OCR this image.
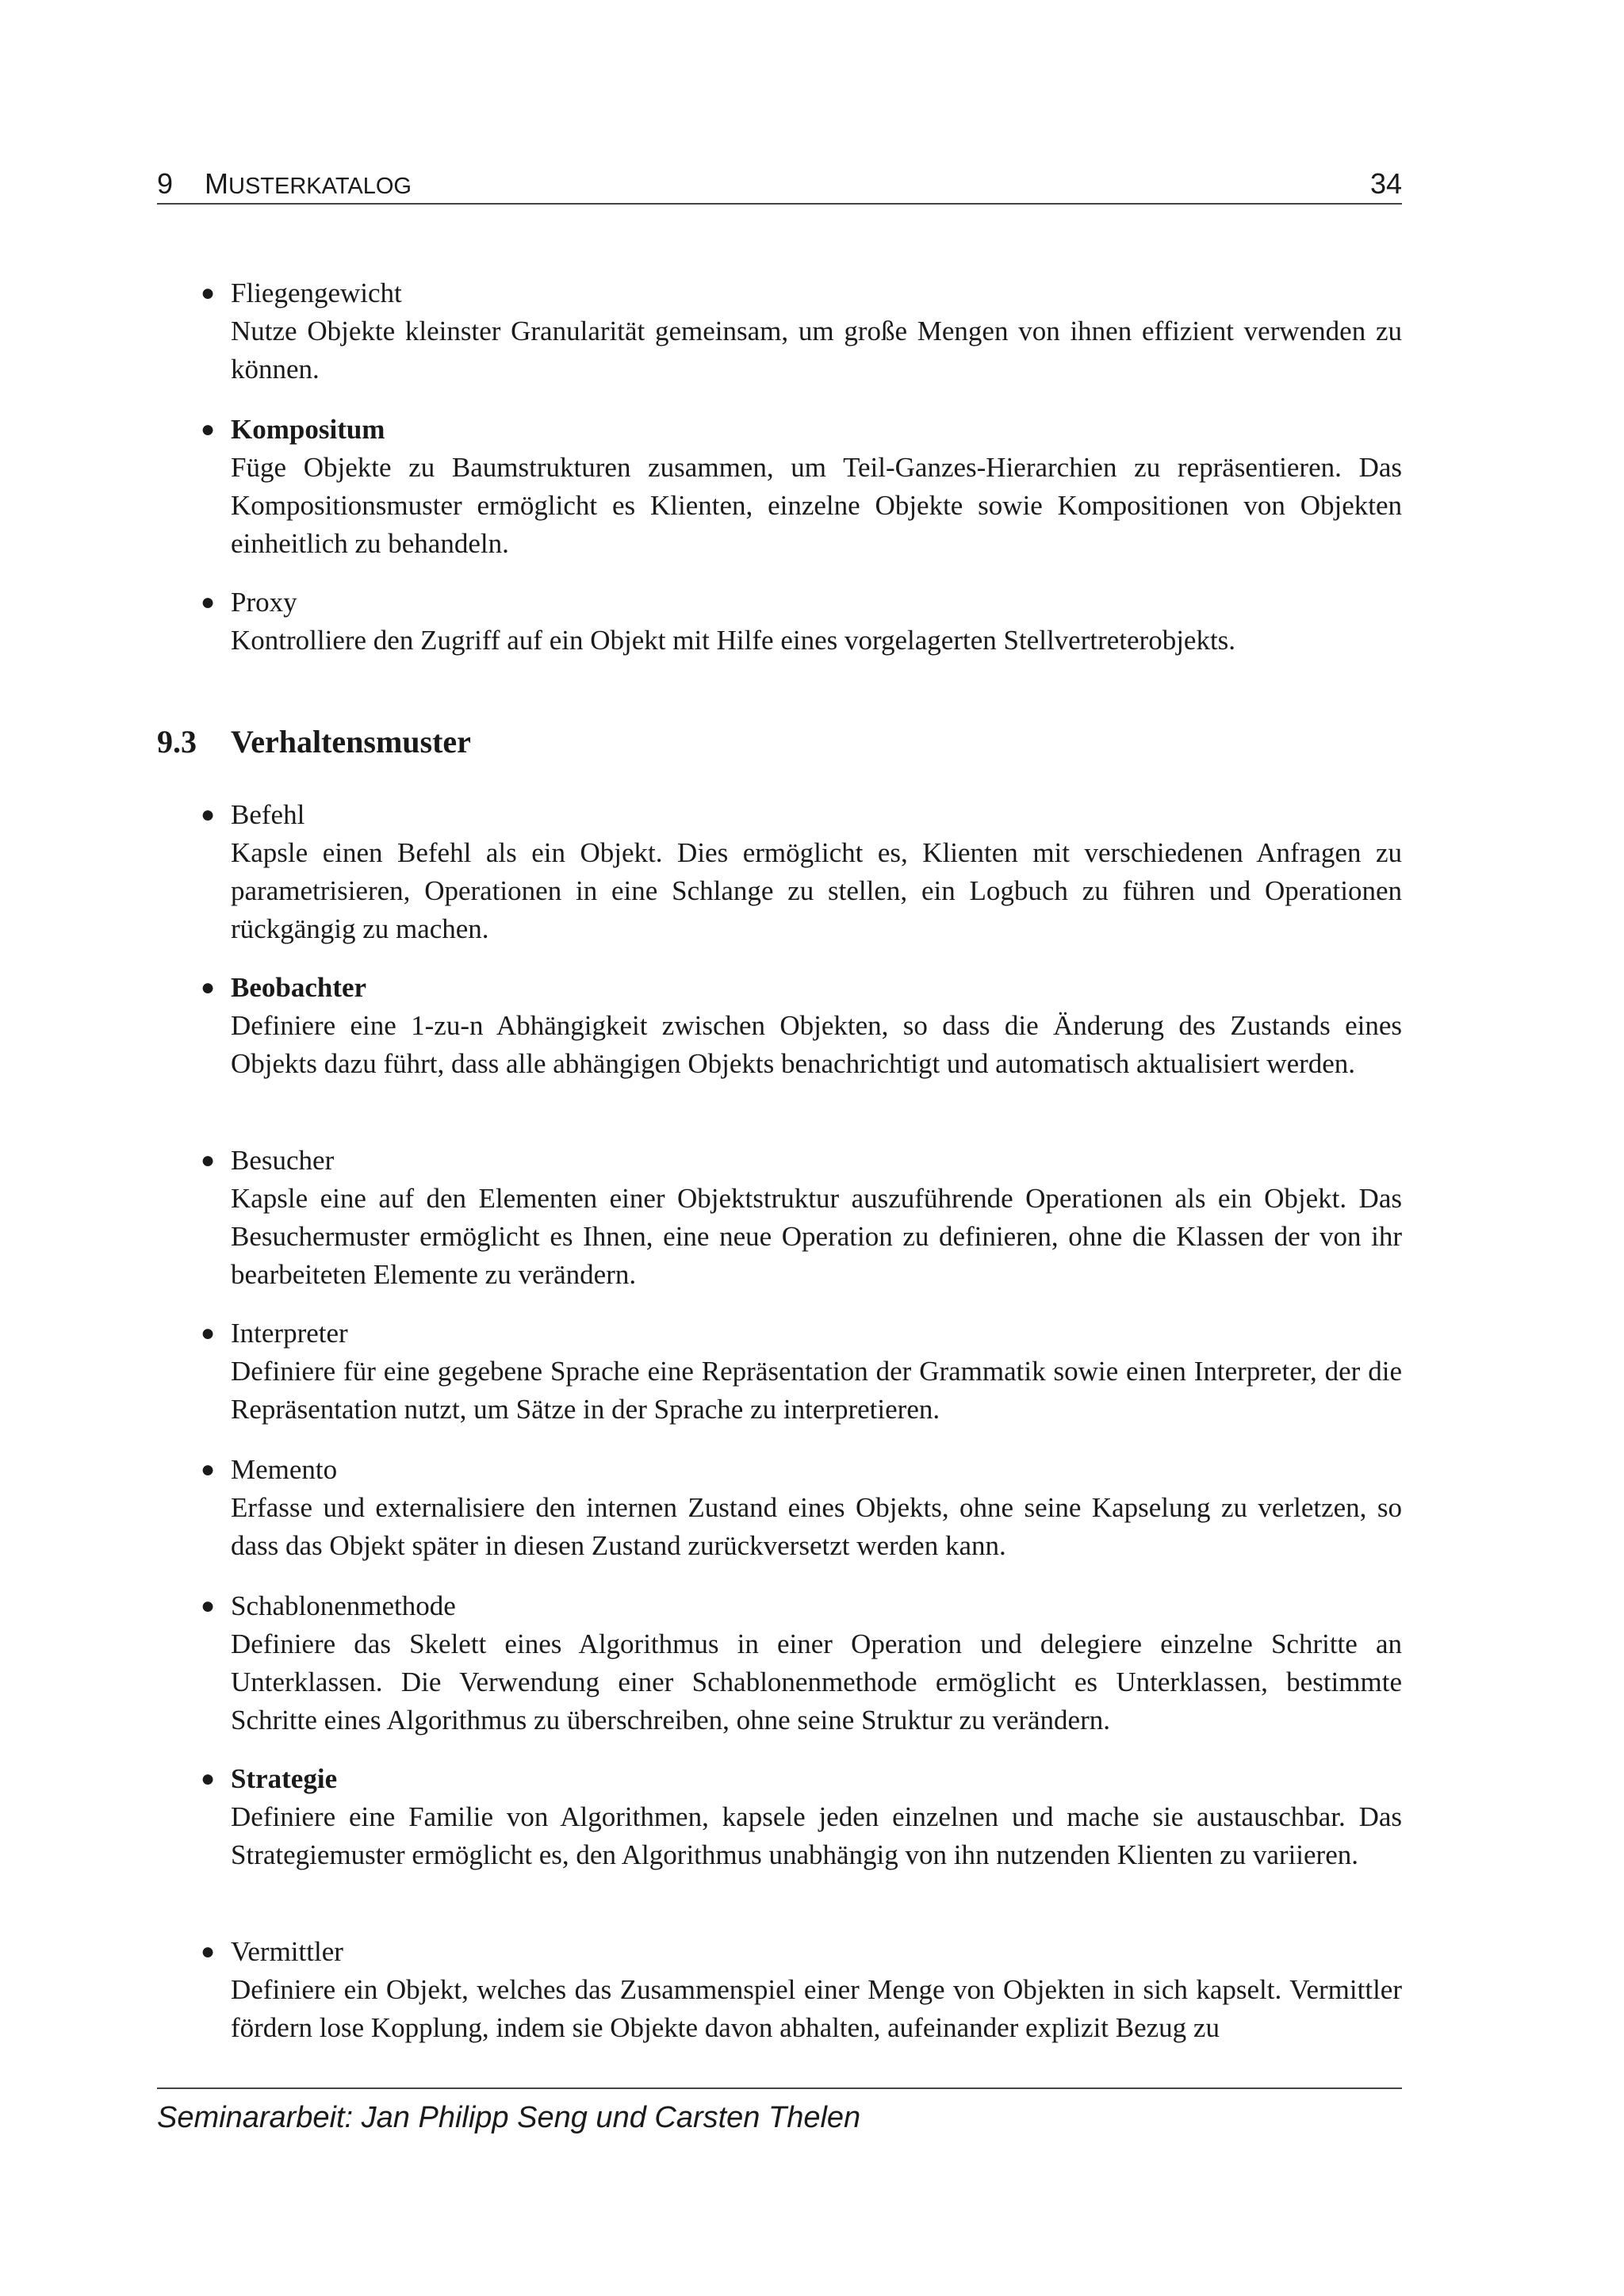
9 MUSTERKATALOG	34
● Fliegengewicht
Nutze Objekte kleinster Granularität gemeinsam, um große Mengen von ihnen effizient verwenden zu können.
● Kompositum
Füge Objekte zu Baumstrukturen zusammen, um Teil-Ganzes-Hierarchien zu repräsentieren. Das Kompositionsmuster ermöglicht es Klienten, einzelne Objekte sowie Kompositionen von Objekten einheitlich zu behandeln.
● Proxy
Kontrolliere den Zugriff auf ein Objekt mit Hilfe eines vorgelagerten Stellvertreterobjekts.
9.3 Verhaltensmuster
● Befehl
Kapsle einen Befehl als ein Objekt. Dies ermöglicht es, Klienten mit verschiedenen Anfragen zu parametrisieren, Operationen in eine Schlange zu stellen, ein Logbuch zu führen und Operationen rückgängig zu machen.
● Beobachter
Definiere eine 1-zu-n Abhängigkeit zwischen Objekten, so dass die Änderung des Zustands eines Objekts dazu führt, dass alle abhängigen Objekts benachrichtigt und automatisch aktualisiert werden.
● Besucher
Kapsle eine auf den Elementen einer Objektstruktur auszuführende Operationen als ein Objekt. Das Besuchermuster ermöglicht es Ihnen, eine neue Operation zu definieren, ohne die Klassen der von ihr bearbeiteten Elemente zu verändern.
● Interpreter
Definiere für eine gegebene Sprache eine Repräsentation der Grammatik sowie einen Interpreter, der die Repräsentation nutzt, um Sätze in der Sprache zu interpretieren.
● Memento
Erfasse und externalisiere den internen Zustand eines Objekts, ohne seine Kapselung zu verletzen, so dass das Objekt später in diesen Zustand zurückversetzt werden kann.
● Schablonenmethode
Definiere das Skelett eines Algorithmus in einer Operation und delegiere einzelne Schritte an Unterklassen. Die Verwendung einer Schablonenmethode ermöglicht es Unterklassen, bestimmte Schritte eines Algorithmus zu überschreiben, ohne seine Struktur zu verändern.
● Strategie
Definiere eine Familie von Algorithmen, kapsele jeden einzelnen und mache sie austauschbar. Das Strategiemuster ermöglicht es, den Algorithmus unabhängig von ihn nutzenden Klienten zu variieren.
● Vermittler
Definiere ein Objekt, welches das Zusammenspiel einer Menge von Objekten in sich kapselt. Vermittler fördern lose Kopplung, indem sie Objekte davon abhalten, aufeinander explizit Bezug zu
Seminararbeit: Jan Philipp Seng und Carsten Thelen
